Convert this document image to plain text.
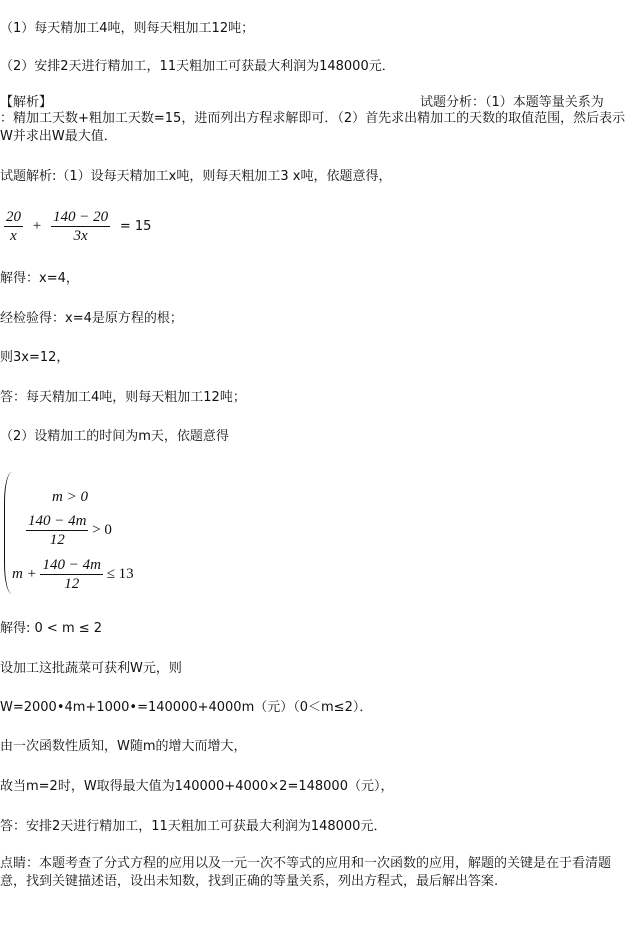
（1）每天精加工4吨，则每天粗加工12吨；
（2）安排2天进行精加工，11天粗加工可获最大利润为148000元．
【解析】	试题分析：（1）本题等量关系为
：精加工天数+粗加工天数=15，进而列出方程求解即可．（2）首先求出精加工的天数的取值范围，然后表示W并求出W最大值．
试题解析:（1）设每天精加工x吨，则每天粗加工3 x吨，依题意得，
$\frac{20}{x} + \frac{140 - 20}{3x} = 15$
解得：x=4，
经检验得：x=4是原方程的根；
则3x=12，
答：每天精加工4吨，则每天粗加工12吨；
（2）设精加工的时间为m天，依题意得
m > 0
$\frac{140 - 4m}{12} > 0$
$m + \frac{140 - 4m}{12} \le 13$
解得: 0 < m ≤ 2
设加工这批蔬菜可获利W元，则
W=2000•4m+1000•=140000+4000m（元）（0＜m≤2）．
由一次函数性质知，W随m的增大而增大，
故当m=2时，W取得最大值为140000+4000×2=148000（元），
答：安排2天进行精加工，11天粗加工可获最大利润为148000元．
点睛：本题考查了分式方程的应用以及一元一次不等式的应用和一次函数的应用，解题的关键是在于看清题意，找到关键描述语，设出未知数，找到正确的等量关系，列出方程式，最后解出答案.
